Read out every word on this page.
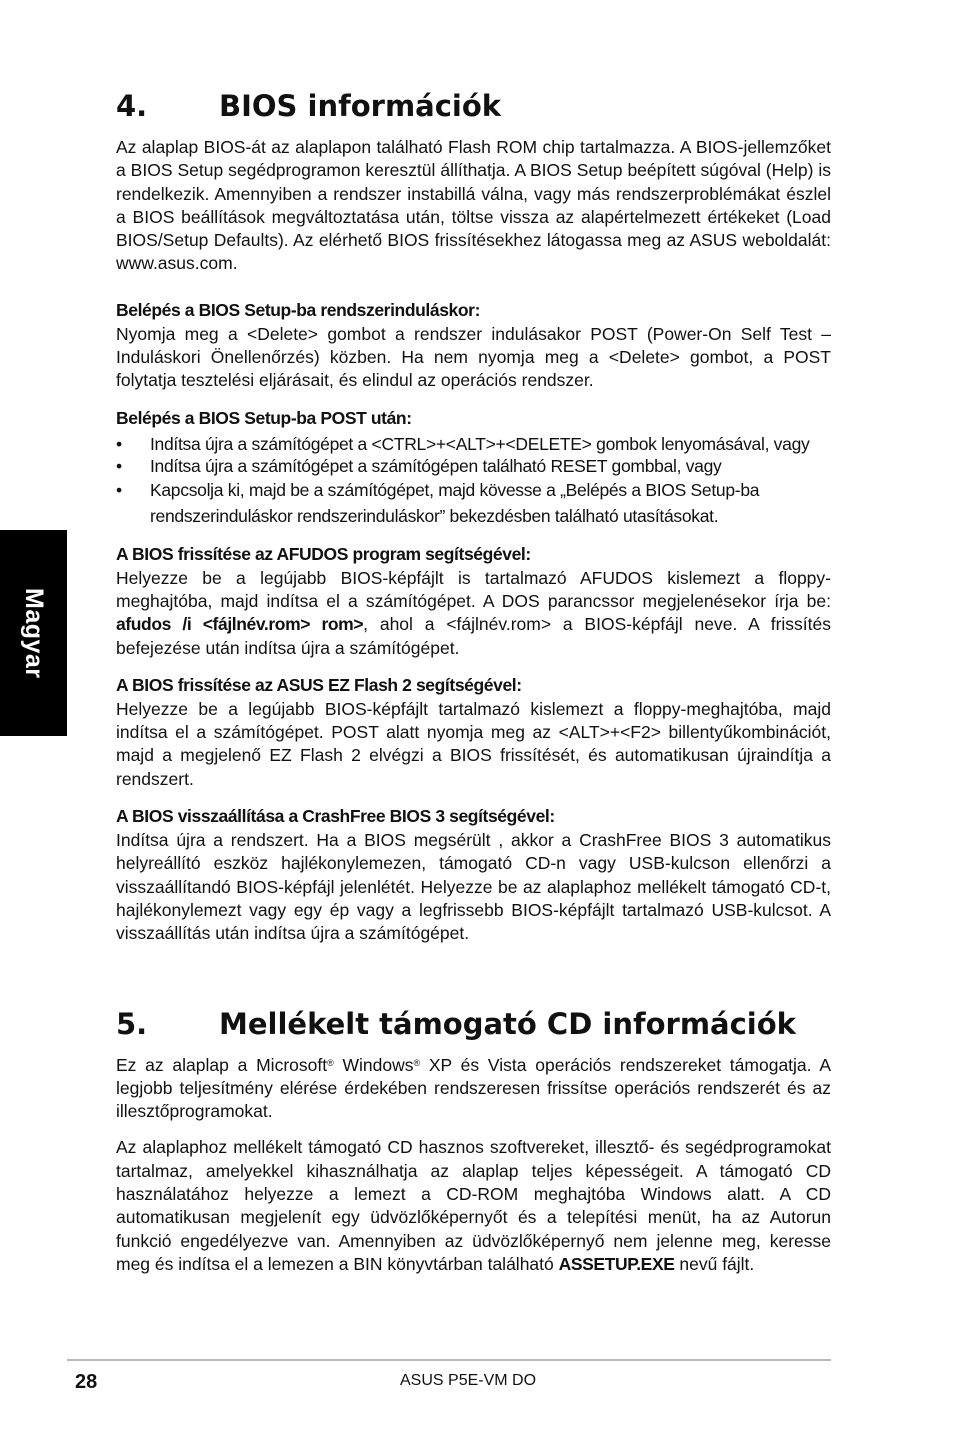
Magyar
4.	BIOS információk

Az alaplap BIOS-át az alaplapon található Flash ROM chip tartalmazza. A BIOS-jellemzőket a BIOS Setup segédprogramon keresztül állíthatja. A BIOS Setup beépített súgóval (Help) is rendelkezik. Amennyiben a rendszer instabillá válna, vagy más rendszerproblémákat észlel a BIOS beállítások megváltoztatása után, töltse vissza az alapértelmezett értékeket (Load BIOS/Setup Defaults). Az elérhető BIOS frissítésekhez látogassa meg az ASUS weboldalát: www.asus.com.

Belépés a BIOS Setup-ba rendszerinduláskor:

Nyomja meg a <Delete> gombot a rendszer indulásakor POST (Power-On Self Test – Induláskori Önellenőrzés) közben. Ha nem nyomja meg a <Delete> gombot, a POST folytatja tesztelési eljárásait, és elindul az operációs rendszer.

Belépés a BIOS Setup-ba POST után:
• Indítsa újra a számítógépet a <CTRL>+<ALT>+<DELETE> gombok lenyomásával, vagy
• Indítsa újra a számítógépet a számítógépen található RESET gombbal, vagy
• Kapcsolja ki, majd be a számítógépet, majd kövesse a „Belépés a BIOS Setup-ba rendszerinduláskor rendszerinduláskor” bekezdésben található utasításokat.
A BIOS frissítése az AFUDOS program segítségével:

Helyezze be a legújabb BIOS-képfájlt is tartalmazó AFUDOS kislemezt a floppy-meghajtóba, majd indítsa el a számítógépet. A DOS parancssor megjelenésekor írja be: afudos /i <fájlnév.rom> rom>, ahol a <fájlnév.rom> a BIOS-képfájl neve. A frissítés befejezése után indítsa újra a számítógépet.

A BIOS frissítése az ASUS EZ Flash 2 segítségével:

Helyezze be a legújabb BIOS-képfájlt tartalmazó kislemezt a floppy-meghajtóba, majd indítsa el a számítógépet. POST alatt nyomja meg az <ALT>+<F2> billentyűkombinációt, majd a megjelenő EZ Flash 2 elvégzi a BIOS frissítését, és automatikusan újraindítja a rendszert.

A BIOS visszaállítása a CrashFree BIOS 3 segítségével:

Indítsa újra a rendszert. Ha a BIOS megsérült , akkor a CrashFree BIOS 3 automatikus helyreállító eszköz hajlékonylemezen, támogató CD-n vagy USB-kulcson ellenőrzi a visszaállítandó BIOS-képfájl jelenlétét. Helyezze be az alaplaphoz mellékelt támogató CD-t, hajlékonylemezt vagy egy ép vagy a legfrissebb BIOS-képfájlt tartalmazó USB-kulcsot. A visszaállítás után indítsa újra a számítógépet.

5.	Mellékelt támogató CD információk

Ez az alaplap a Microsoft® Windows® XP és Vista operációs rendszereket támogatja. A legjobb teljesítmény elérése érdekében rendszeresen frissítse operációs rendszerét és az illesztőprogramokat.

Az alaplaphoz mellékelt támogató CD hasznos szoftvereket, illesztő- és segédprogramokat tartalmaz, amelyekkel kihasználhatja az alaplap teljes képességeit. A támogató CD használatához helyezze a lemezt a CD-ROM meghajtóba Windows alatt. A CD automatikusan megjelenít egy üdvözlőképernyőt és a telepítési menüt, ha az Autorun funkció engedélyezve van. Amennyiben az üdvözlőképernyő nem jelenne meg, keresse meg és indítsa el a lemezen a BIN könyvtárban található ASSETUP.EXE nevű fájlt.

28	ASUS P5E-VM DO
